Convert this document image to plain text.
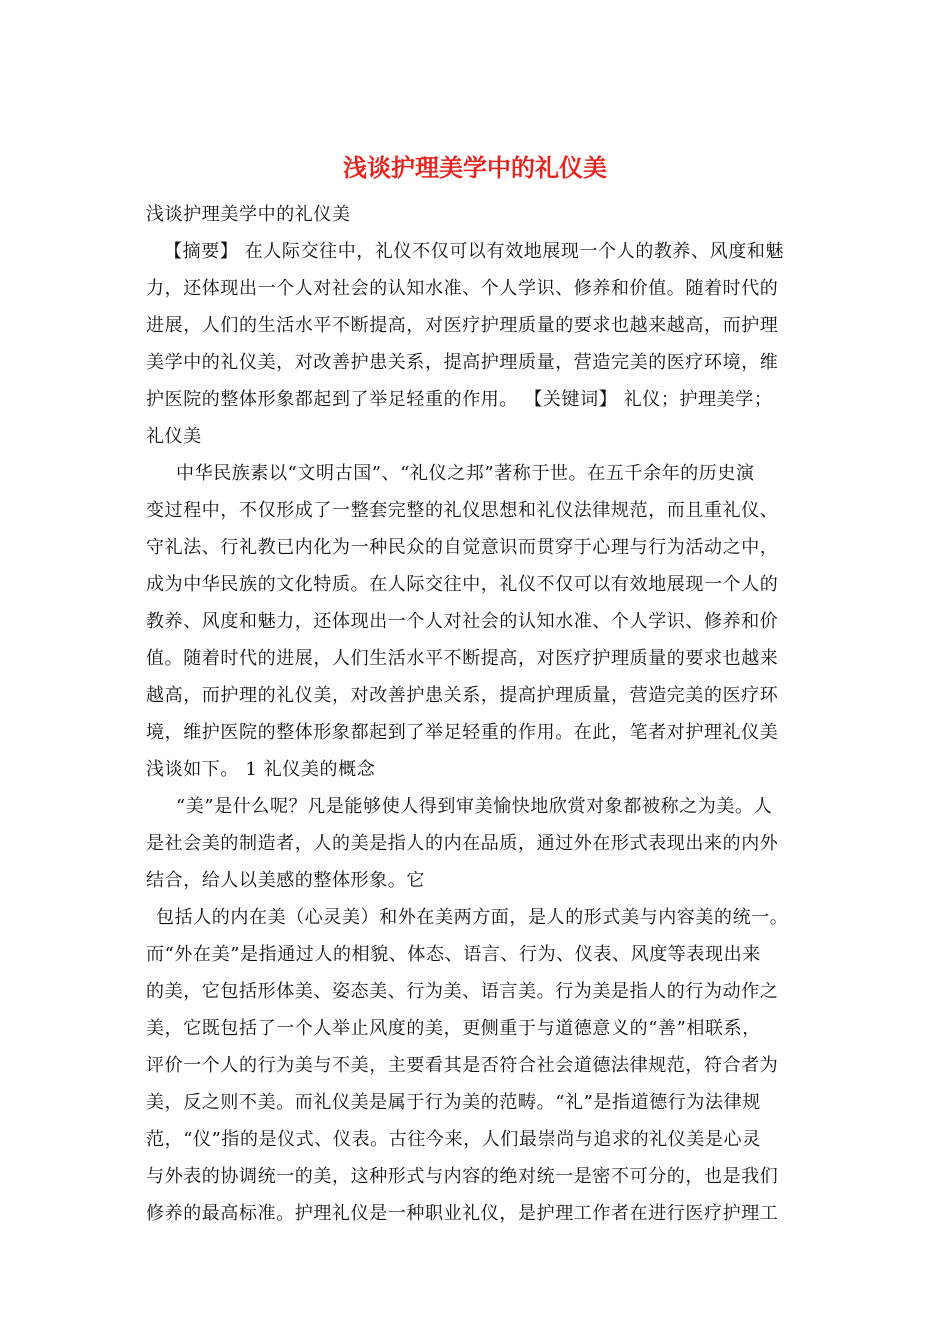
浅谈护理美学中的礼仪美
浅谈护理美学中的礼仪美
【摘要】 在人际交往中，礼仪不仅可以有效地展现一个人的教养、风度和魅
力，还体现出一个人对社会的认知水准、个人学识、修养和价值。随着时代的
进展，人们的生活水平不断提高，对医疗护理质量的要求也越来越高，而护理
美学中的礼仪美，对改善护患关系，提高护理质量，营造完美的医疗环境，维
护医院的整体形象都起到了举足轻重的作用。 【关键词】 礼仪；护理美学；
礼仪美
中华民族素以“文明古国”、“礼仪之邦”著称于世。在五千余年的历史演
变过程中，不仅形成了一整套完整的礼仪思想和礼仪法律规范，而且重礼仪、
守礼法、行礼教已内化为一种民众的自觉意识而贯穿于心理与行为活动之中，
成为中华民族的文化特质。在人际交往中，礼仪不仅可以有效地展现一个人的
教养、风度和魅力，还体现出一个人对社会的认知水准、个人学识、修养和价
值。随着时代的进展，人们生活水平不断提高，对医疗护理质量的要求也越来
越高，而护理的礼仪美，对改善护患关系，提高护理质量，营造完美的医疗环
境，维护医院的整体形象都起到了举足轻重的作用。在此，笔者对护理礼仪美
浅谈如下。 1 礼仪美的概念
“美”是什么呢？凡是能够使人得到审美愉快地欣赏对象都被称之为美。人
是社会美的制造者，人的美是指人的内在品质，通过外在形式表现出来的内外
结合，给人以美感的整体形象。它
包括人的内在美（心灵美）和外在美两方面，是人的形式美与内容美的统一。
而“外在美”是指通过人的相貌、体态、语言、行为、仪表、风度等表现出来
的美，它包括形体美、姿态美、行为美、语言美。行为美是指人的行为动作之
美，它既包括了一个人举止风度的美，更侧重于与道德意义的“善”相联系，
评价一个人的行为美与不美，主要看其是否符合社会道德法律规范，符合者为
美，反之则不美。而礼仪美是属于行为美的范畴。“礼”是指道德行为法律规
范，“仪”指的是仪式、仪表。古往今来，人们最崇尚与追求的礼仪美是心灵
与外表的协调统一的美，这种形式与内容的绝对统一是密不可分的，也是我们
修养的最高标准。护理礼仪是一种职业礼仪，是护理工作者在进行医疗护理工
